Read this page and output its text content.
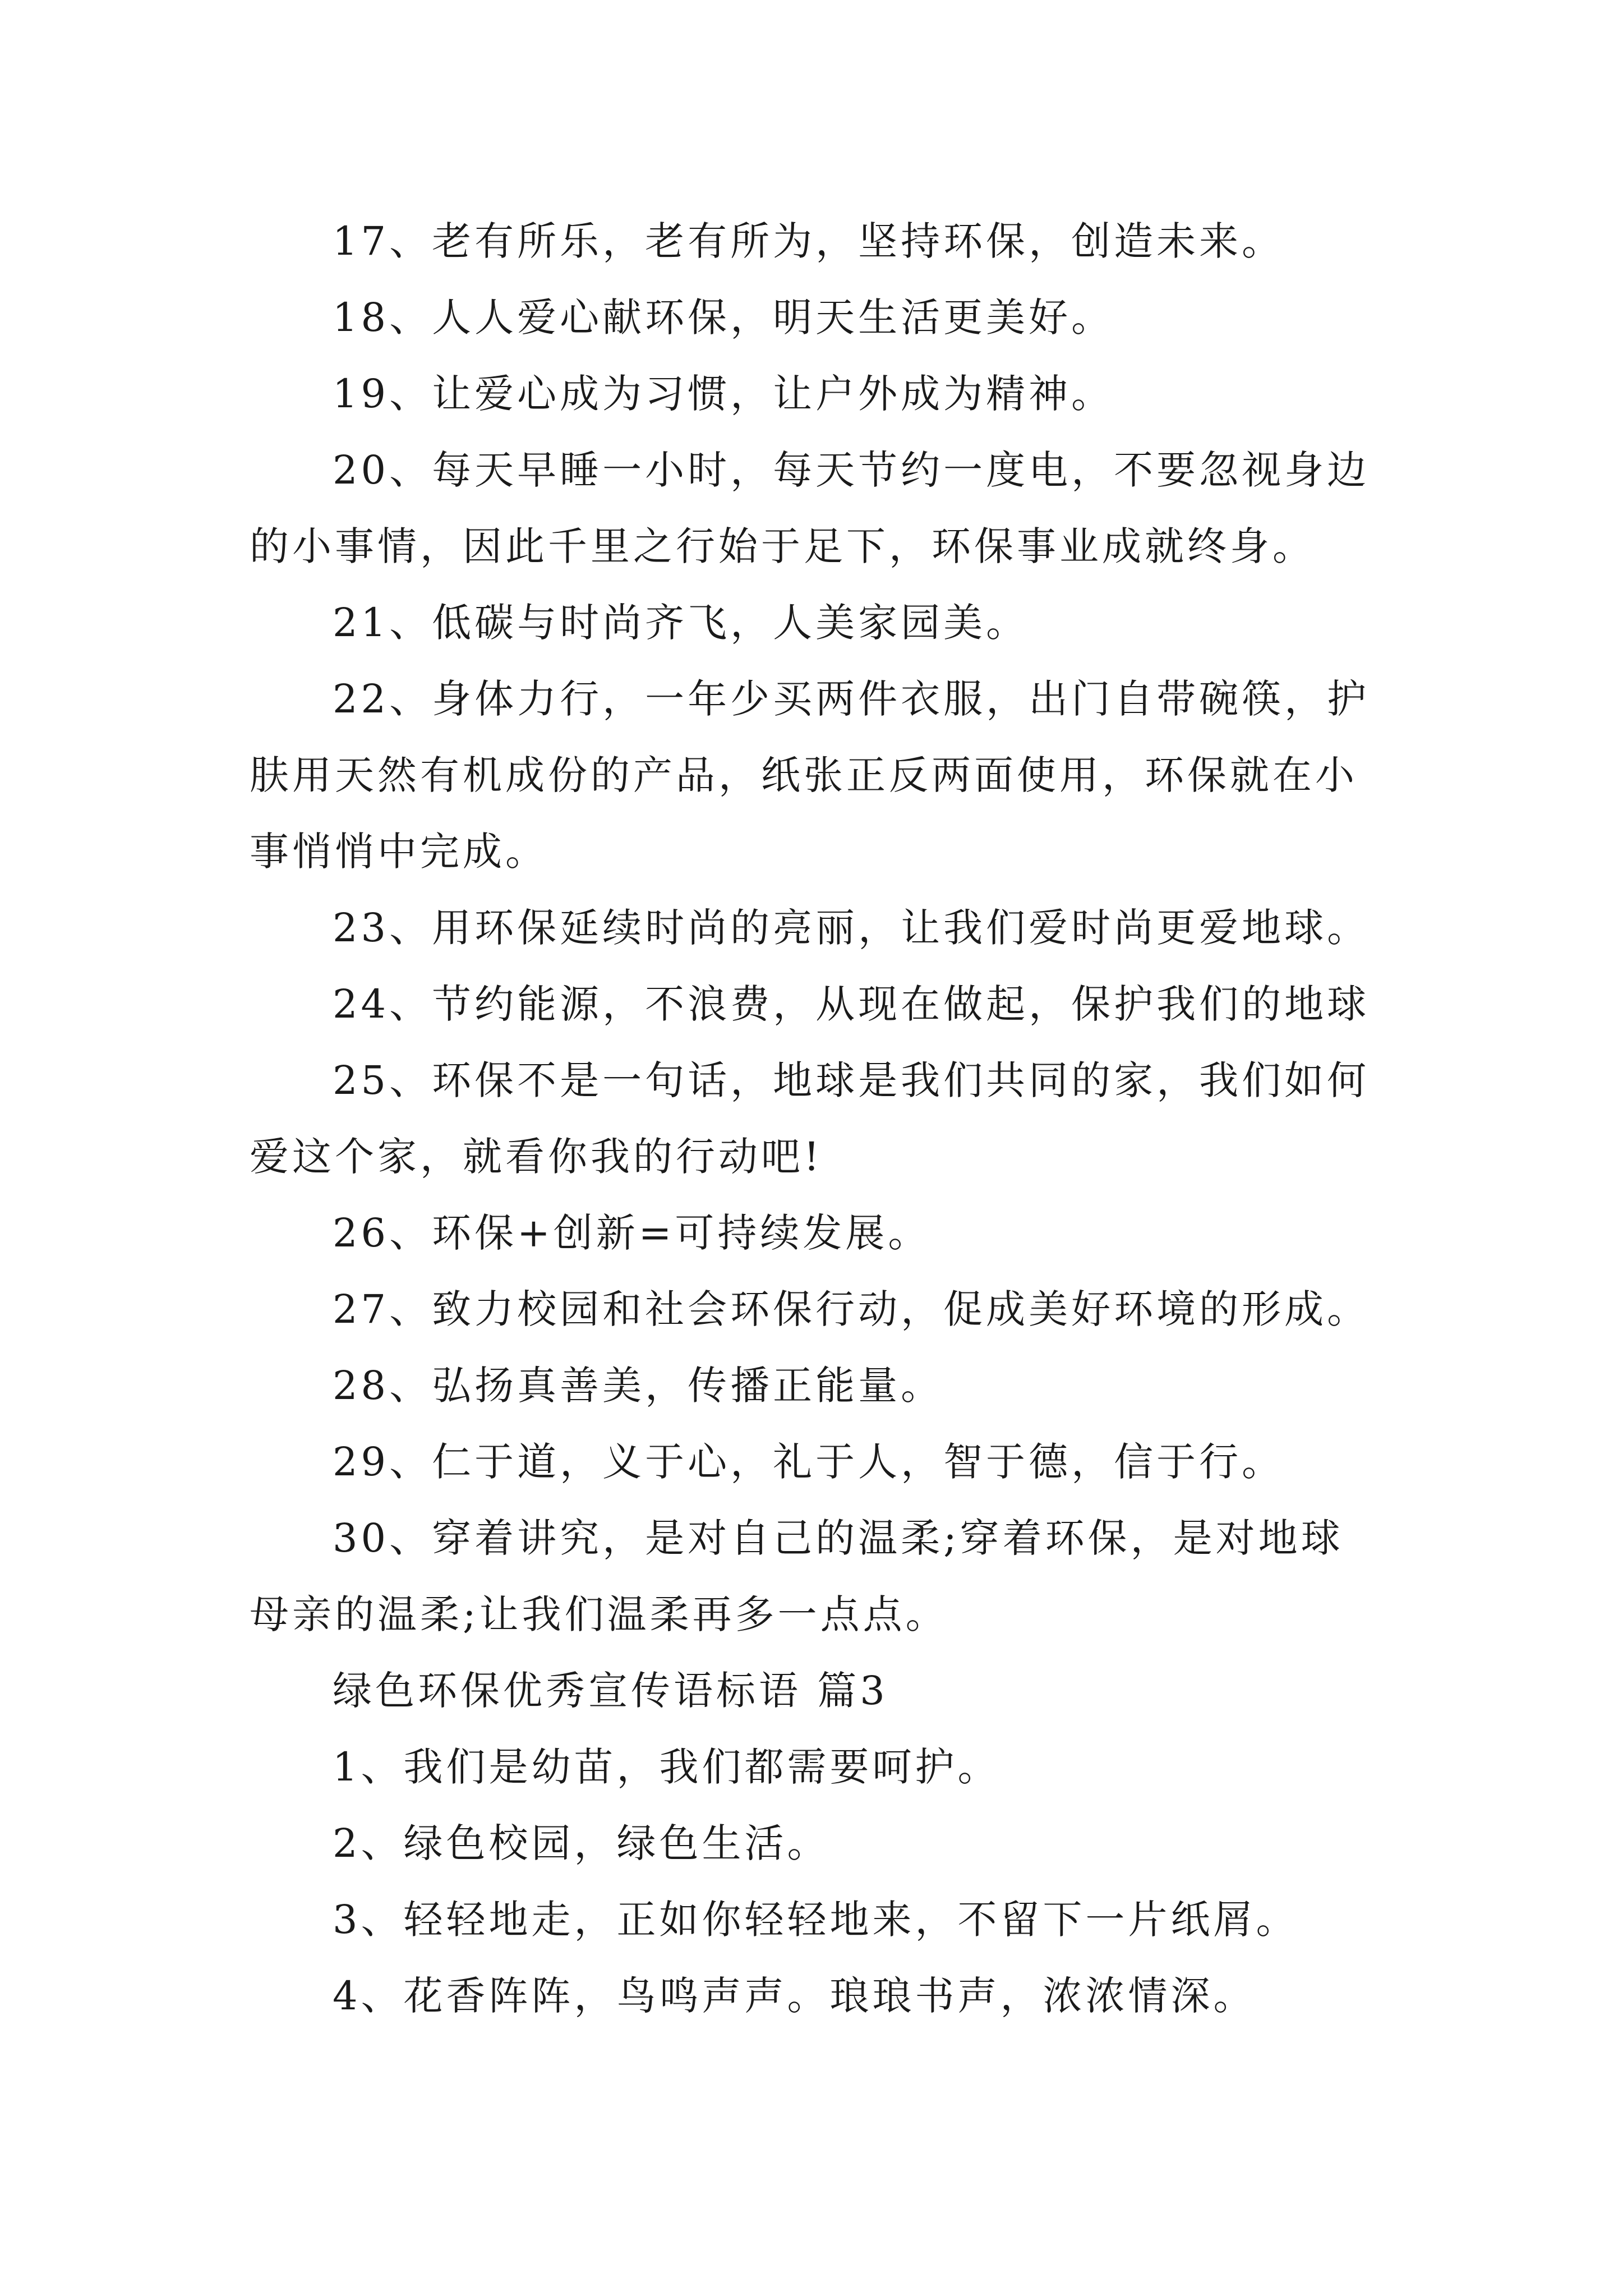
17、老有所乐，老有所为，坚持环保，创造未来。
18、人人爱心献环保，明天生活更美好。
19、让爱心成为习惯，让户外成为精神。
20、每天早睡一小时，每天节约一度电，不要忽视身边
的小事情，因此千里之行始于足下，环保事业成就终身。
21、低碳与时尚齐飞，人美家园美。
22、身体力行，一年少买两件衣服，出门自带碗筷，护
肤用天然有机成份的产品，纸张正反两面使用，环保就在小
事悄悄中完成。
23、用环保延续时尚的亮丽，让我们爱时尚更爱地球。
24、节约能源，不浪费，从现在做起，保护我们的地球
25、环保不是一句话，地球是我们共同的家，我们如何
爱这个家，就看你我的行动吧!
26、环保+创新=可持续发展。
27、致力校园和社会环保行动，促成美好环境的形成。
28、弘扬真善美，传播正能量。
29、仁于道，义于心，礼于人，智于德，信于行。
30、穿着讲究，是对自己的温柔;穿着环保，是对地球
母亲的温柔;让我们温柔再多一点点。
绿色环保优秀宣传语标语 篇3
1、我们是幼苗，我们都需要呵护。
2、绿色校园，绿色生活。
3、轻轻地走，正如你轻轻地来，不留下一片纸屑。
4、花香阵阵，鸟鸣声声。琅琅书声，浓浓情深。
